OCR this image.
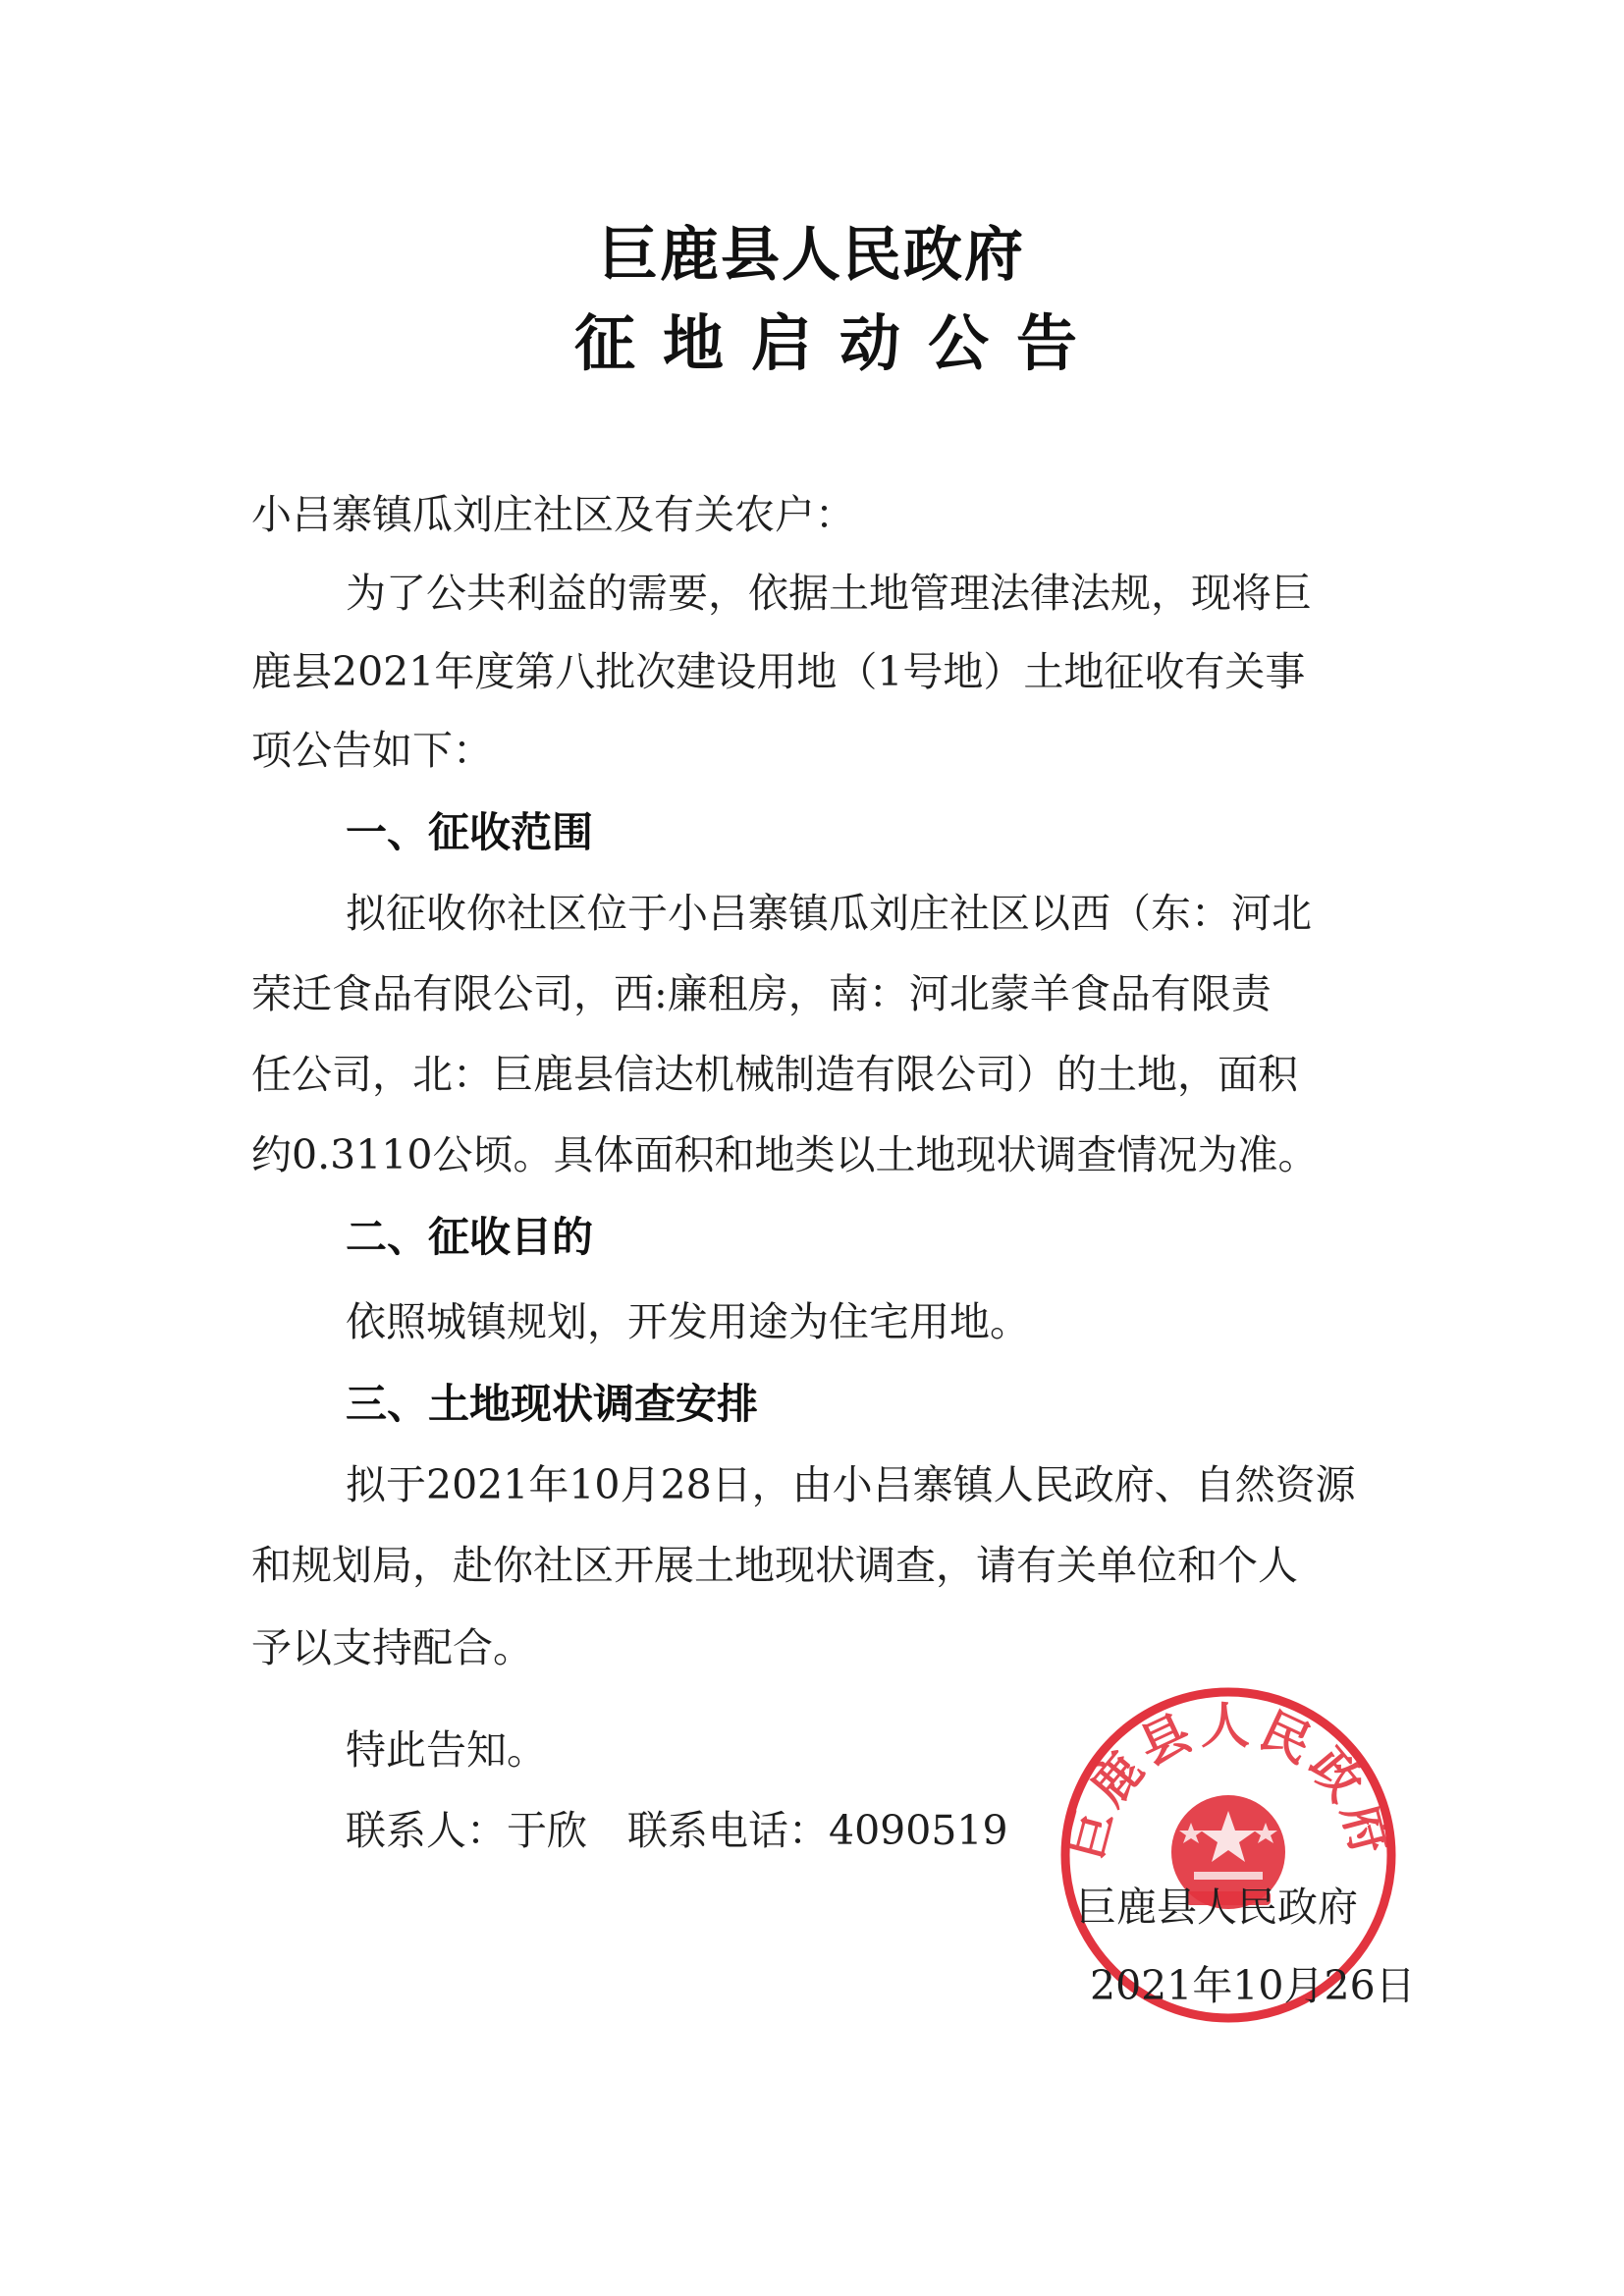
巨鹿县人民政府
征地启动公告
小吕寨镇瓜刘庄社区及有关农户：
为了公共利益的需要，依据土地管理法律法规，现将巨
鹿县2021年度第八批次建设用地（1号地）土地征收有关事
项公告如下：
一、征收范围
拟征收你社区位于小吕寨镇瓜刘庄社区以西（东：河北
荣迁食品有限公司，西:廉租房，南：河北蒙羊食品有限责
任公司，北：巨鹿县信达机械制造有限公司）的土地，面积
约0.3110公顷。具体面积和地类以土地现状调查情况为准。
二、征收目的
依照城镇规划，开发用途为住宅用地。
三、土地现状调查安排
拟于2021年10月28日，由小吕寨镇人民政府、自然资源
和规划局，赴你社区开展土地现状调查，请有关单位和个人
予以支持配合。
特此告知。
联系人：于欣　联系电话：4090519 巨鹿县人民政府
巨鹿县人民政府
2021年10月26日
